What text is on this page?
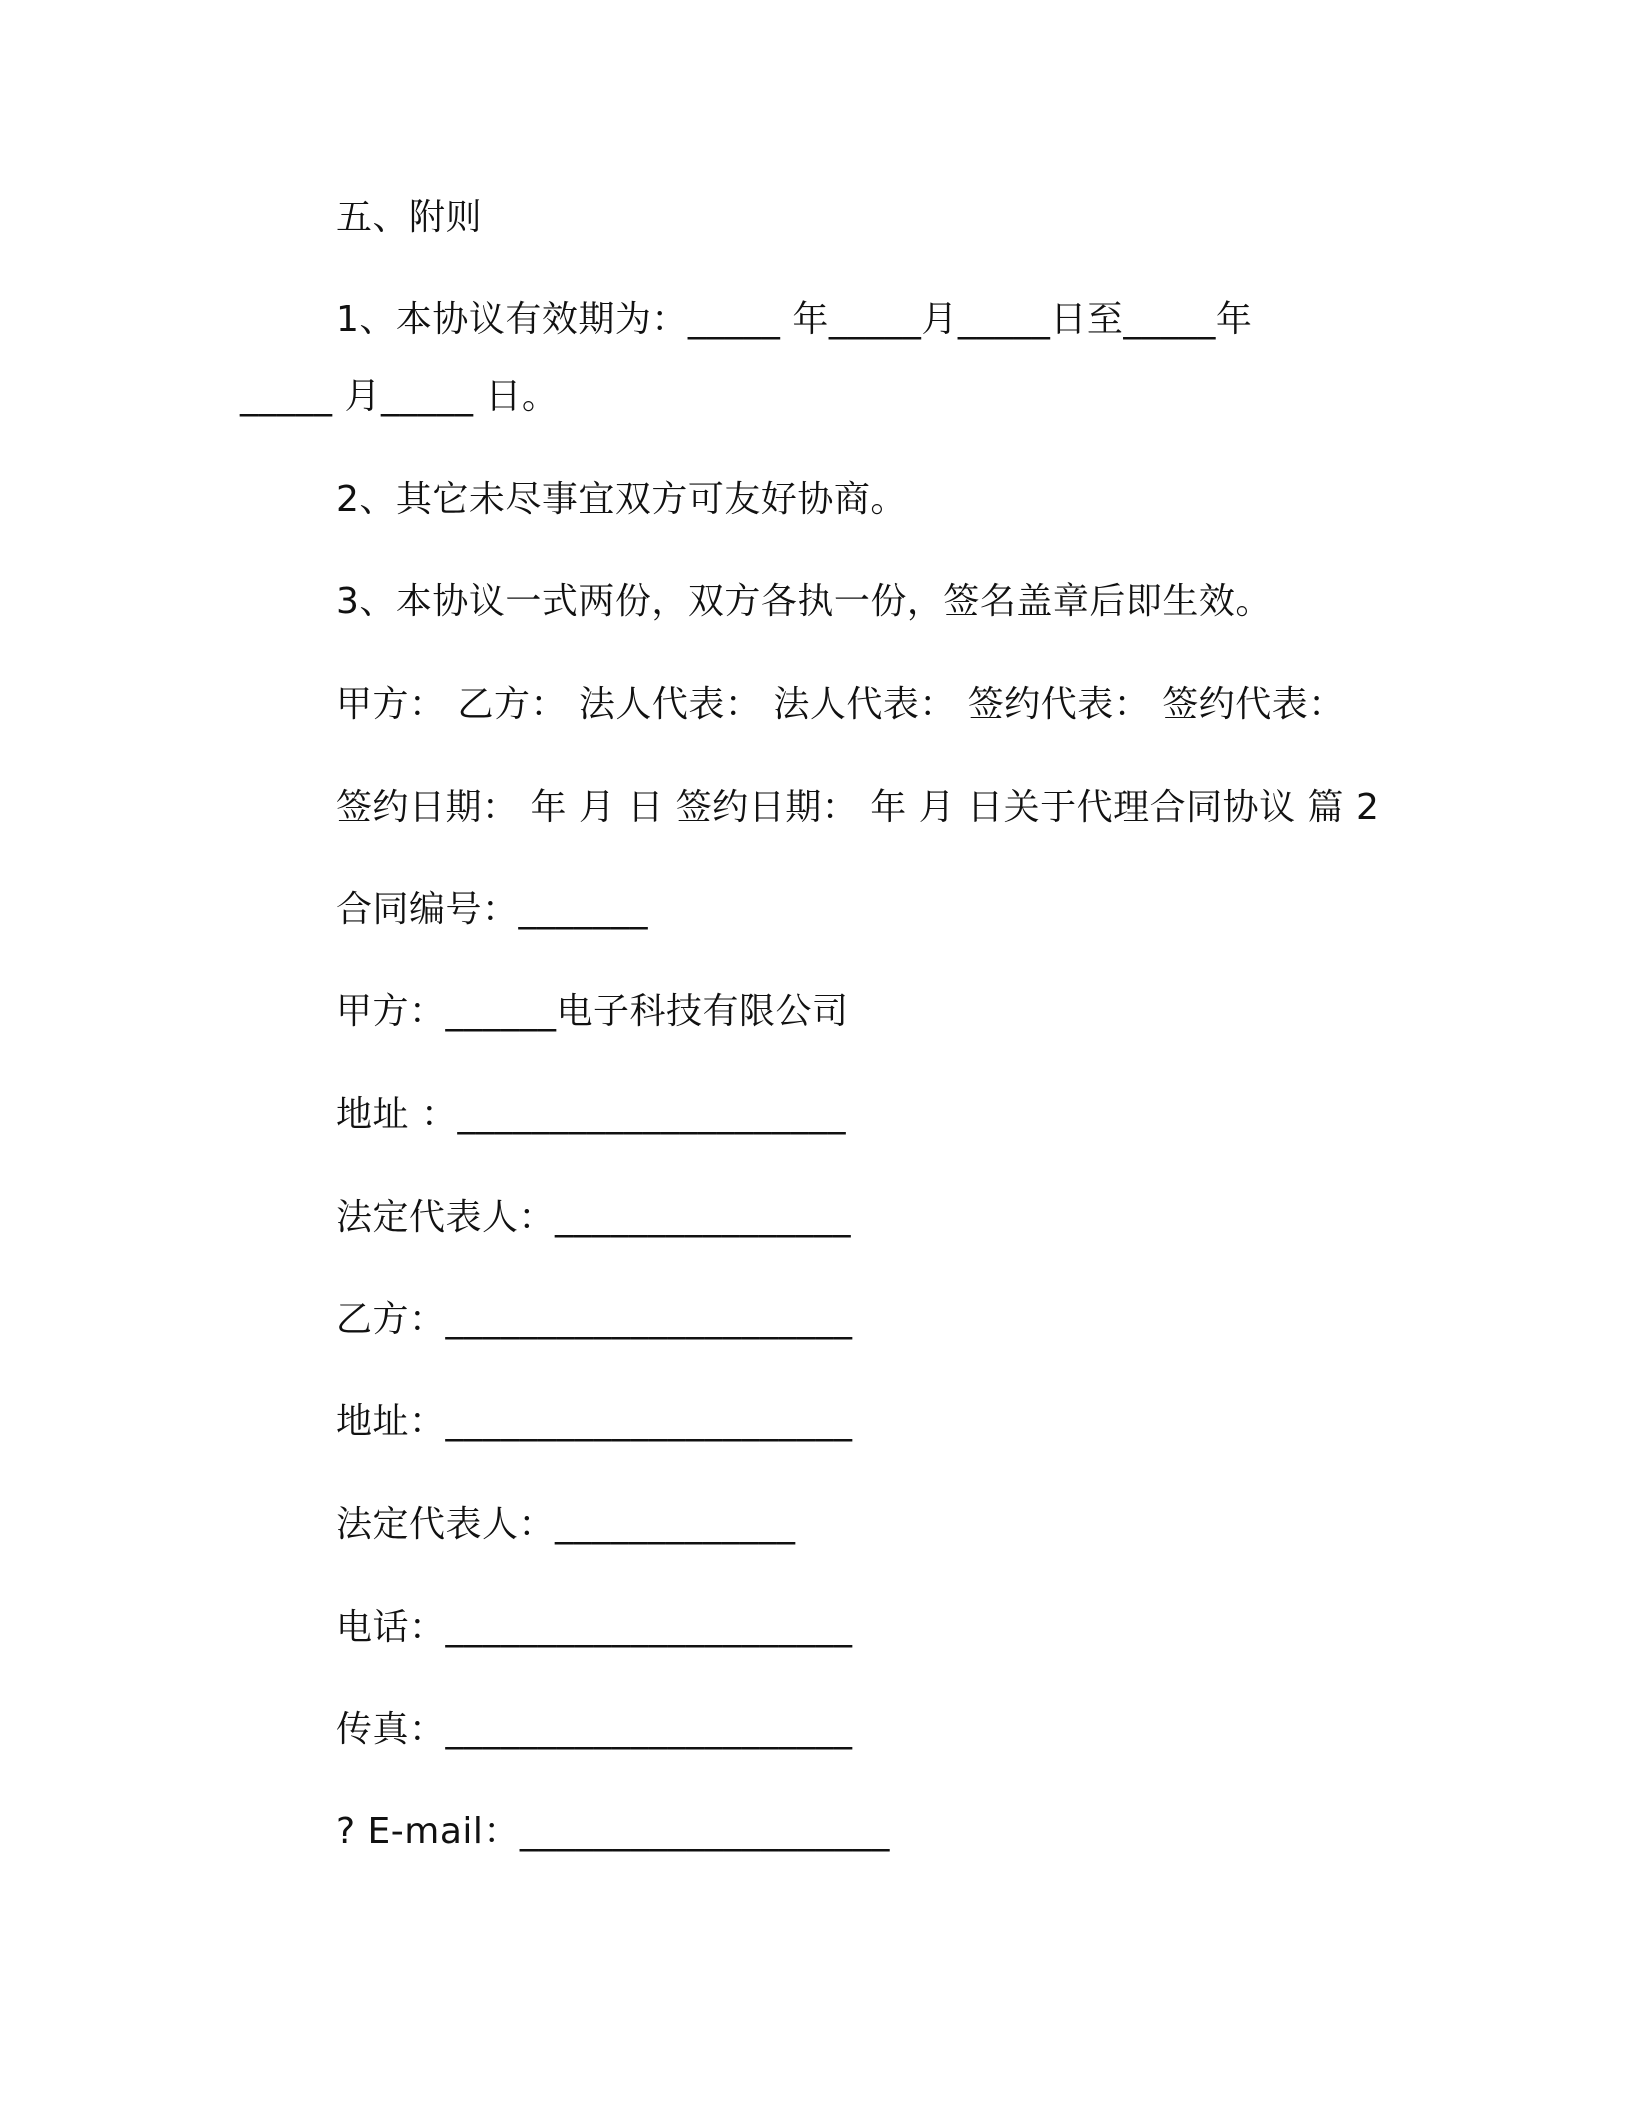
五、附则
1、本协议有效期为：_____ 年_____月_____日至_____年
_____ 月_____ 日。
2、其它未尽事宜双方可友好协商。
3、本协议一式两份，双方各执一份，签名盖章后即生效。
甲方： 乙方： 法人代表： 法人代表： 签约代表： 签约代表：
签约日期： 年 月 日 签约日期： 年 月 日关于代理合同协议 篇 2
合同编号：_______
甲方：______电子科技有限公司
地址 ：_____________________
法定代表人：________________
乙方：______________________
地址：______________________
法定代表人：_____________
电话：______________________
传真：______________________
? E-mail：____________________
